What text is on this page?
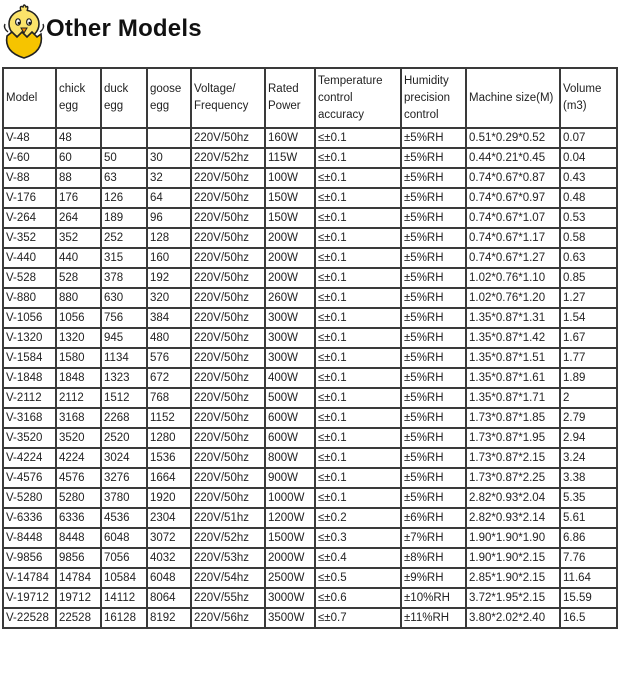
Other Models
Model	chick egg	duck egg	goose egg	Voltage/ Frequency	Rated Power	Temperature control accuracy	Humidity precision control	Machine size(M)	Volume (m3)
V-48	48			220V/50hz	160W	≤±0.1	±5%RH	0.51*0.29*0.52	0.07
V-60	60	50	30	220V/52hz	115W	≤±0.1	±5%RH	0.44*0.21*0.45	0.04
V-88	88	63	32	220V/50hz	100W	≤±0.1	±5%RH	0.74*0.67*0.87	0.43
V-176	176	126	64	220V/50hz	150W	≤±0.1	±5%RH	0.74*0.67*0.97	0.48
V-264	264	189	96	220V/50hz	150W	≤±0.1	±5%RH	0.74*0.67*1.07	0.53
V-352	352	252	128	220V/50hz	200W	≤±0.1	±5%RH	0.74*0.67*1.17	0.58
V-440	440	315	160	220V/50hz	200W	≤±0.1	±5%RH	0.74*0.67*1.27	0.63
V-528	528	378	192	220V/50hz	200W	≤±0.1	±5%RH	1.02*0.76*1.10	0.85
V-880	880	630	320	220V/50hz	260W	≤±0.1	±5%RH	1.02*0.76*1.20	1.27
V-1056	1056	756	384	220V/50hz	300W	≤±0.1	±5%RH	1.35*0.87*1.31	1.54
V-1320	1320	945	480	220V/50hz	300W	≤±0.1	±5%RH	1.35*0.87*1.42	1.67
V-1584	1580	1134	576	220V/50hz	300W	≤±0.1	±5%RH	1.35*0.87*1.51	1.77
V-1848	1848	1323	672	220V/50hz	400W	≤±0.1	±5%RH	1.35*0.87*1.61	1.89
V-2112	2112	1512	768	220V/50hz	500W	≤±0.1	±5%RH	1.35*0.87*1.71	2
V-3168	3168	2268	1152	220V/50hz	600W	≤±0.1	±5%RH	1.73*0.87*1.85	2.79
V-3520	3520	2520	1280	220V/50hz	600W	≤±0.1	±5%RH	1.73*0.87*1.95	2.94
V-4224	4224	3024	1536	220V/50hz	800W	≤±0.1	±5%RH	1.73*0.87*2.15	3.24
V-4576	4576	3276	1664	220V/50hz	900W	≤±0.1	±5%RH	1.73*0.87*2.25	3.38
V-5280	5280	3780	1920	220V/50hz	1000W	≤±0.1	±5%RH	2.82*0.93*2.04	5.35
V-6336	6336	4536	2304	220V/51hz	1200W	≤±0.2	±6%RH	2.82*0.93*2.14	5.61
V-8448	8448	6048	3072	220V/52hz	1500W	≤±0.3	±7%RH	1.90*1.90*1.90	6.86
V-9856	9856	7056	4032	220V/53hz	2000W	≤±0.4	±8%RH	1.90*1.90*2.15	7.76
V-14784	14784	10584	6048	220V/54hz	2500W	≤±0.5	±9%RH	2.85*1.90*2.15	11.64
V-19712	19712	14112	8064	220V/55hz	3000W	≤±0.6	±10%RH	3.72*1.95*2.15	15.59
V-22528	22528	16128	8192	220V/56hz	3500W	≤±0.7	±11%RH	3.80*2.02*2.40	16.5
